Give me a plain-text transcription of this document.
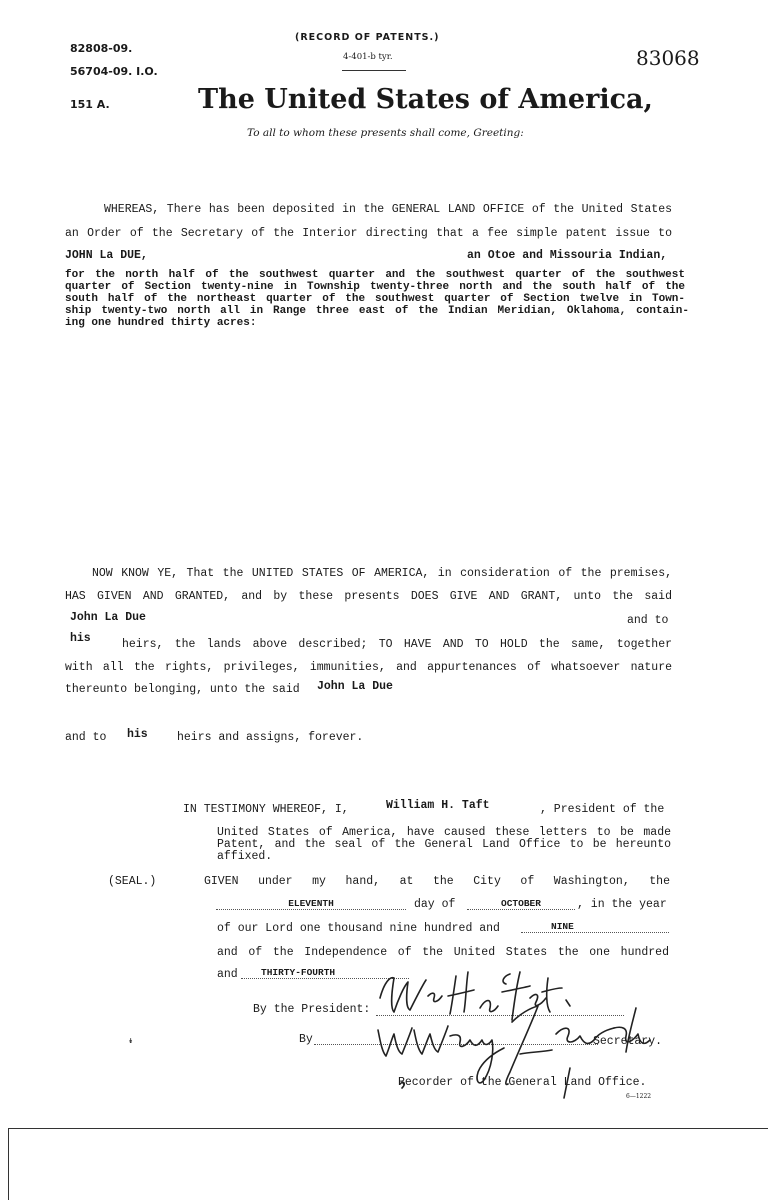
(RECORD OF PATENTS.)
4-401-b tyr.
82808-09.
56704-09. I.O.
83068
151 A.	The United States of America,
To all to whom these presents shall come, Greeting:
WHEREAS, There has been deposited in the GENERAL LAND OFFICE of the United States
an Order of the Secretary of the Interior directing that a fee simple patent issue to
JOHN La DUE,	an Otoe and Missouria Indian,
for the north half of the southwest quarter and the southwest quarter of the southwest
quarter of Section twenty-nine in Township twenty-three north and the south half of the
south half of the northeast quarter of the southwest quarter of Section twelve in Town-
ship twenty-two north all in Range three east of the Indian Meridian, Oklahoma, contain-
ing one hundred thirty acres:
NOW KNOW YE, That the UNITED STATES OF AMERICA, in consideration of the premises,
HAS GIVEN AND GRANTED, and by these presents DOES GIVE AND GRANT, unto the said
John La Due	and to
his	heirs, the lands above described; TO HAVE AND TO HOLD the same, together
with all the rights, privileges, immunities, and appurtenances of whatsoever nature
thereunto belonging, unto the said John La Due
and to his	heirs and assigns, forever.
IN TESTIMONY WHEREOF, I,	William H. Taft	, President of the
United States of America, have caused these letters to be made
Patent, and the seal of the General Land Office to be hereunto
affixed.
(SEAL.)	GIVEN under my hand, at the City of Washington, the
ELEVENTH	day of	OCTOBER	, in the year
of our Lord one thousand nine hundred and	NINE
and of the Independence of the United States the one hundred
and	THIRTY-FOURTH
By the President:
By	Secretary.
Recorder of the General Land Office.
6—1222
↡
